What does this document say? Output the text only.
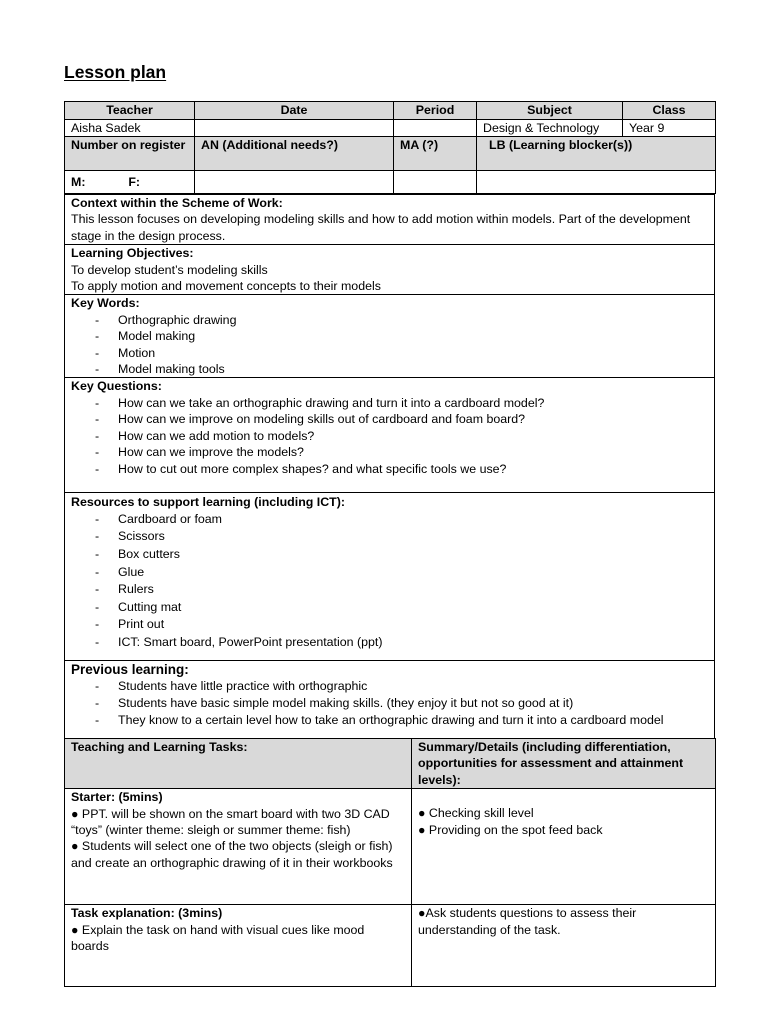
Lesson plan
Teacher	Date	Period	Subject	Class
Aisha Sadek			Design & Technology	Year 9
Number on register	AN (Additional needs?)	MA (?)	LB (Learning blocker(s))	
M: F:				
Context within the Scheme of Work:
This lesson focuses on developing modeling skills and how to add motion within models. Part of the development stage in the design process.

Learning Objectives:
To develop student’s modeling skills
To apply motion and movement concepts to their models

Key Words:
- Orthographic drawing
- Model making
- Motion
- Model making tools

Key Questions:
- How can we take an orthographic drawing and turn it into a cardboard model?
- How can we improve on modeling skills out of cardboard and foam board?
- How can we add motion to models?
- How can we improve the models?
- How to cut out more complex shapes? and what specific tools we use?

Resources to support learning (including ICT):
- Cardboard or foam
- Scissors
- Box cutters
- Glue
- Rulers
- Cutting mat
- Print out
- ICT: Smart board, PowerPoint presentation (ppt)

Previous learning:
- Students have little practice with orthographic
- Students have basic simple model making skills. (they enjoy it but not so good at it)
- They know to a certain level how to take an orthographic drawing and turn it into a cardboard model
Teaching and Learning Tasks:	Summary/Details (including differentiation, opportunities for assessment and attainment levels):

Starter: (5mins)
● PPT. will be shown on the smart board with two 3D CAD “toys” (winter theme: sleigh or summer theme: fish)
● Students will select one of the two objects (sleigh or fish) and create an orthographic drawing of it in their workbooks	● Checking skill level
● Providing on the spot feed back

Task explanation: (3mins)
● Explain the task on hand with visual cues like mood boards	●Ask students questions to assess their understanding of the task.
